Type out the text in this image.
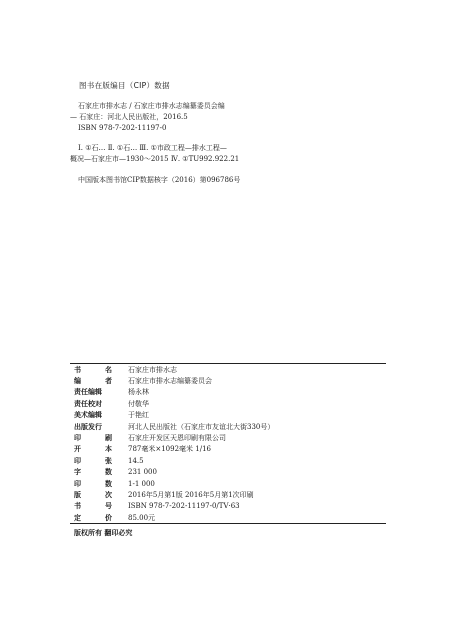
图书在版编目（CIP）数据
石家庄市排水志 / 石家庄市排水志编纂委员会编
— 石家庄：河北人民出版社，2016.5
ISBN 978-7-202-11197-0
Ⅰ. ①石… Ⅱ. ①石… Ⅲ. ①市政工程—排水工程—
概况—石家庄市—1930～2015 Ⅳ. ①TU992.922.21
中国版本图书馆CIP数据核字（2016）第096786号
书	名 石家庄市排水志
编	者 石家庄市排水志编纂委员会
责任编辑	杨永林
责任校对	付敬华
美术编辑	于艳红
出版发行	河北人民出版社（石家庄市友谊北大街330号）
印	刷 石家庄开发区天恩印刷有限公司
开	本 787毫米×1092毫米 1/16
印	张 14.5
字	数 231 000
印	数 1-1 000
版	次 2016年5月第1版 2016年5月第1次印刷
书	号 ISBN 978-7-202-11197-0/TV·63
定	价 85.00元
版权所有 翻印必究
